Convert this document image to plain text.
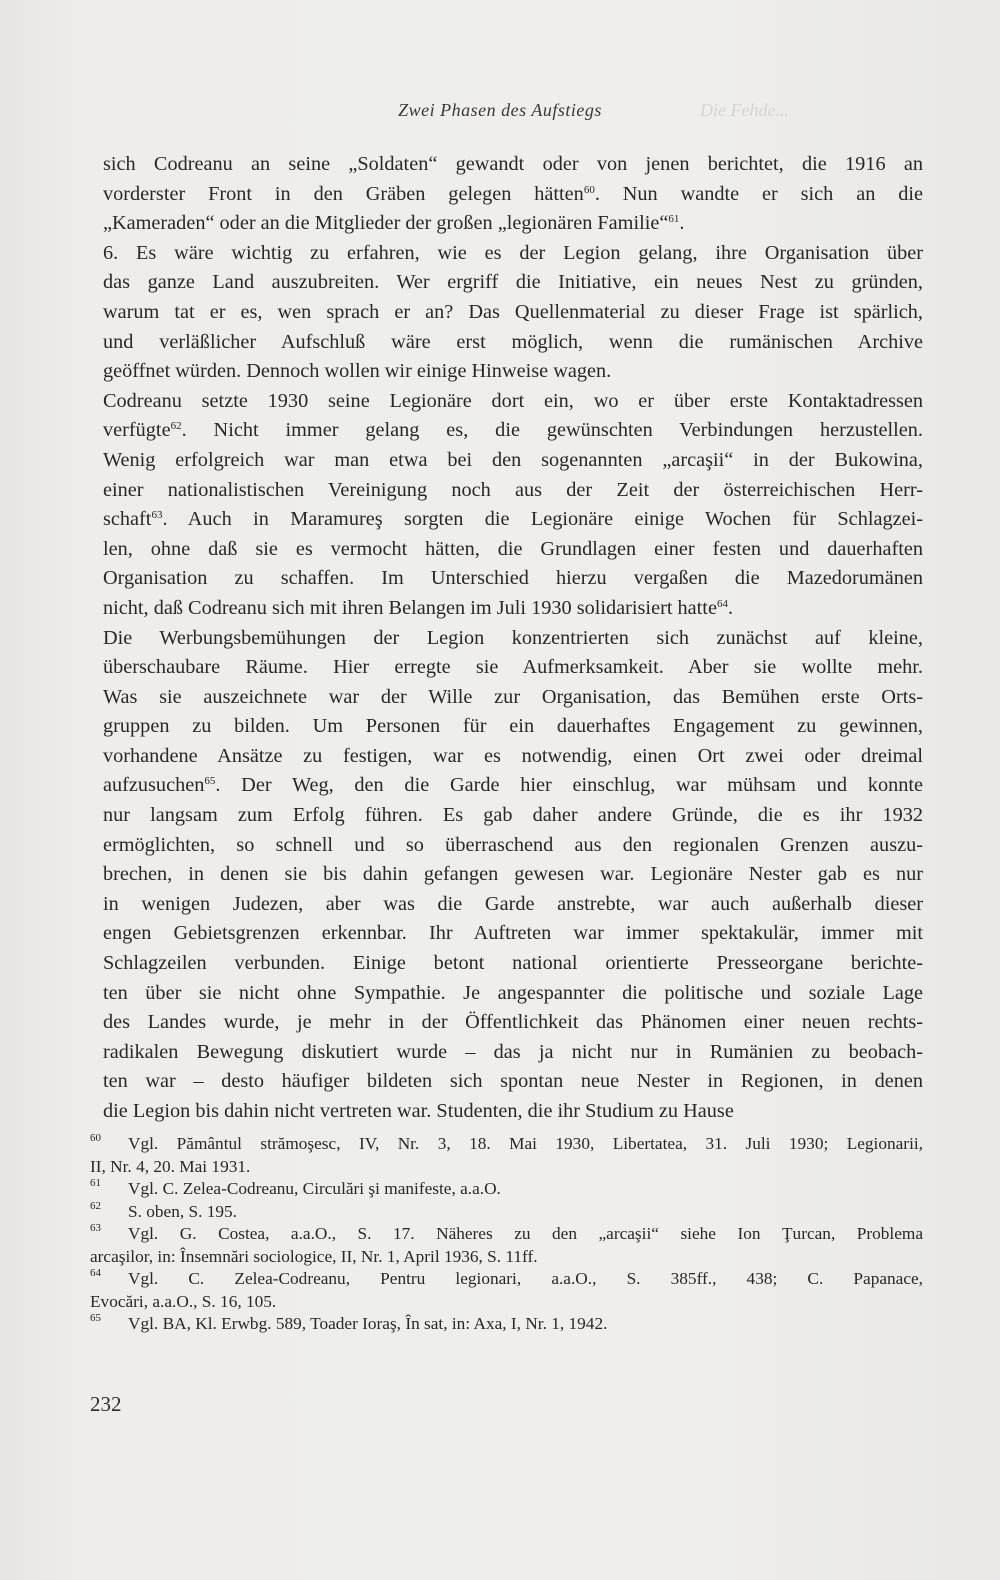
Die Fehde...
Zwei Phasen des Aufstiegs
sich Codreanu an seine „Soldaten“ gewandt oder von jenen berichtet, die 1916 an
vorderster Front in den Gräben gelegen hätten$^{60}$. Nun wandte er sich an die
„Kameraden“ oder an die Mitglieder der großen „legionären Familie“$^{61}$.
6. Es wäre wichtig zu erfahren, wie es der Legion gelang, ihre Organisation über
das ganze Land auszubreiten. Wer ergriff die Initiative, ein neues Nest zu gründen,
warum tat er es, wen sprach er an? Das Quellenmaterial zu dieser Frage ist spärlich,
und verläßlicher Aufschluß wäre erst möglich, wenn die rumänischen Archive
geöffnet würden. Dennoch wollen wir einige Hinweise wagen.
Codreanu setzte 1930 seine Legionäre dort ein, wo er über erste Kontaktadressen
verfügte$^{62}$. Nicht immer gelang es, die gewünschten Verbindungen herzustellen.
Wenig erfolgreich war man etwa bei den sogenannten „arcaşii“ in der Bukowina,
einer nationalistischen Vereinigung noch aus der Zeit der österreichischen Herr-
schaft$^{63}$. Auch in Maramureş sorgten die Legionäre einige Wochen für Schlagzei-
len, ohne daß sie es vermocht hätten, die Grundlagen einer festen und dauerhaften
Organisation zu schaffen. Im Unterschied hierzu vergaßen die Mazedorumänen
nicht, daß Codreanu sich mit ihren Belangen im Juli 1930 solidarisiert hatte$^{64}$.
Die Werbungsbemühungen der Legion konzentrierten sich zunächst auf kleine,
überschaubare Räume. Hier erregte sie Aufmerksamkeit. Aber sie wollte mehr.
Was sie auszeichnete war der Wille zur Organisation, das Bemühen erste Orts-
gruppen zu bilden. Um Personen für ein dauerhaftes Engagement zu gewinnen,
vorhandene Ansätze zu festigen, war es notwendig, einen Ort zwei oder dreimal
aufzusuchen$^{65}$. Der Weg, den die Garde hier einschlug, war mühsam und konnte
nur langsam zum Erfolg führen. Es gab daher andere Gründe, die es ihr 1932
ermöglichten, so schnell und so überraschend aus den regionalen Grenzen auszu-
brechen, in denen sie bis dahin gefangen gewesen war. Legionäre Nester gab es nur
in wenigen Judezen, aber was die Garde anstrebte, war auch außerhalb dieser
engen Gebietsgrenzen erkennbar. Ihr Auftreten war immer spektakulär, immer mit
Schlagzeilen verbunden. Einige betont national orientierte Presseorgane berichte-
ten über sie nicht ohne Sympathie. Je angespannter die politische und soziale Lage
des Landes wurde, je mehr in der Öffentlichkeit das Phänomen einer neuen rechts-
radikalen Bewegung diskutiert wurde – das ja nicht nur in Rumänien zu beobach-
ten war – desto häufiger bildeten sich spontan neue Nester in Regionen, in denen
die Legion bis dahin nicht vertreten war. Studenten, die ihr Studium zu Hause
60	Vgl. Pământul strămoşesc, IV, Nr. 3, 18. Mai 1930, Libertatea, 31. Juli 1930; Legionarii,
II, Nr. 4, 20. Mai 1931.
61	Vgl. C. Zelea-Codreanu, Circulări şi manifeste, a.a.O.
62	S. oben, S. 195.
63	Vgl. G. Costea, a.a.O., S. 17. Näheres zu den „arcaşii“ siehe Ion Ţurcan, Problema
arcaşilor, in: Însemnări sociologice, II, Nr. 1, April 1936, S. 11ff.
64	Vgl. C. Zelea-Codreanu, Pentru legionari, a.a.O., S. 385ff., 438; C. Papanace,
Evocări, a.a.O., S. 16, 105.
65	Vgl. BA, Kl. Erwbg. 589, Toader Ioraş, În sat, in: Axa, I, Nr. 1, 1942.
232
